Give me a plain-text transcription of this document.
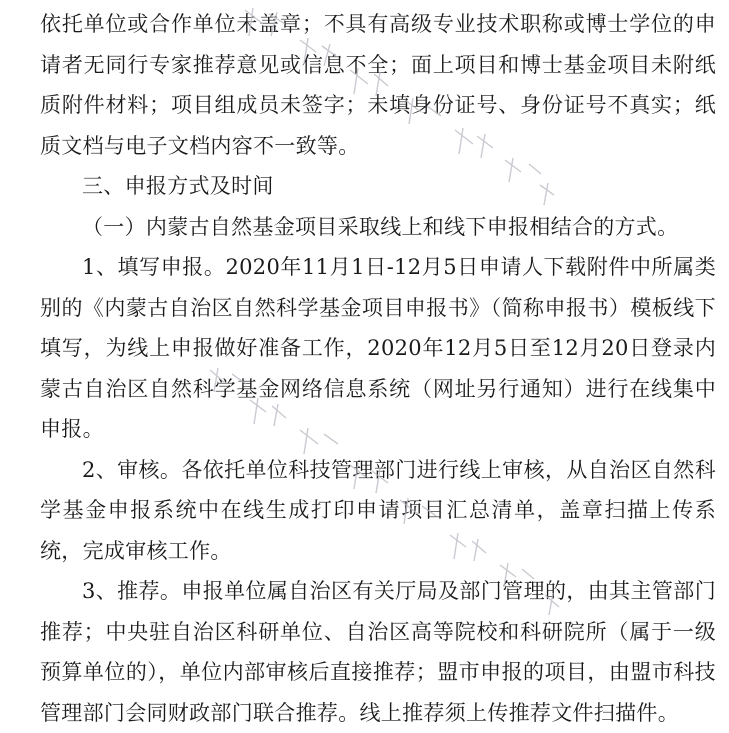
依托单位或合作单位未盖章；不具有高级专业技术职称或博士学位的申请者无同行专家推荐意见或信息不全；面上项目和博士基金项目未附纸质附件材料；项目组成员未签字；未填身份证号、身份证号不真实；纸质文档与电子文档内容不一致等。

三、申报方式及时间

（一）内蒙古自然基金项目采取线上和线下申报相结合的方式。

1、填写申报。2020年11月1日-12月5日申请人下载附件中所属类别的《内蒙古自治区自然科学基金项目申报书》（简称申报书）模板线下填写，为线上申报做好准备工作，2020年12月5日至12月20日登录内蒙古自治区自然科学基金网络信息系统（网址另行通知）进行在线集中申报。

2、审核。各依托单位科技管理部门进行线上审核，从自治区自然科学基金申报系统中在线生成打印申请项目汇总清单，盖章扫描上传系统，完成审核工作。

3、推荐。申报单位属自治区有关厅局及部门管理的，由其主管部门推荐；中央驻自治区科研单位、自治区高等院校和科研院所（属于一级预算单位的），单位内部审核后直接推荐；盟市申报的项目，由盟市科技管理部门会同财政部门联合推荐。线上推荐须上传推荐文件扫描件。
